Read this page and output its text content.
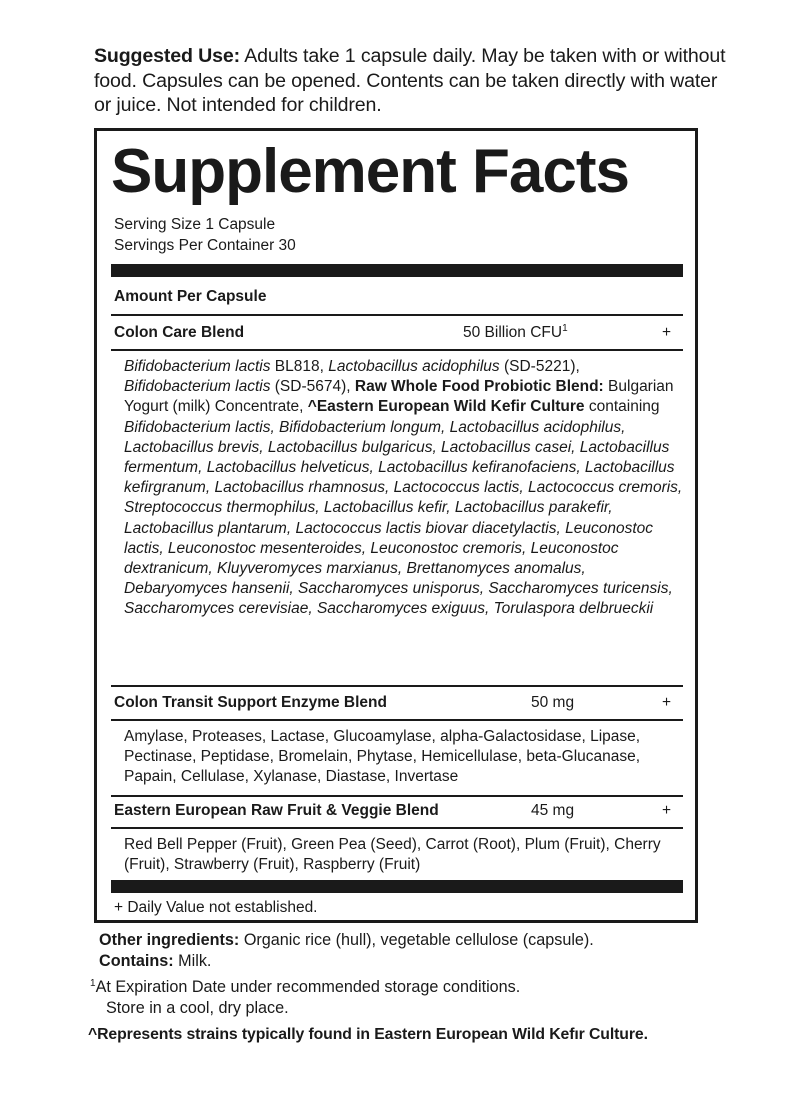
Suggested Use: Adults take 1 capsule daily. May be taken with or without food. Capsules can be opened. Contents can be taken directly with water or juice. Not intended for children.
Supplement Facts
Serving Size 1 Capsule
Servings Per Container 30
Amount Per Capsule
Colon Care Blend	50 Billion $CFU^1$	+
Bifidobacterium lactis BL818, Lactobacillus acidophilus (SD-5221), Bifidobacterium lactis (SD-5674), Raw Whole Food Probiotic Blend: Bulgarian Yogurt (milk) Concentrate, ^Eastern European Wild Kefir Culture containing Bifidobacterium lactis, Bifidobacterium longum, Lactobacillus acidophilus, Lactobacillus brevis, Lactobacillus bulgaricus, Lactobacillus casei, Lactobacillus fermentum, Lactobacillus helveticus, Lactobacillus kefiranofaciens, Lactobacillus kefirgranum, Lactobacillus rhamnosus, Lactococcus lactis, Lactococcus cremoris, Streptococcus thermophilus, Lactobacillus kefir, Lactobacillus parakefir, Lactobacillus plantarum, Lactococcus lactis biovar diacetylactis, Leuconostoc lactis, Leuconostoc mesenteroides, Leuconostoc cremoris, Leuconostoc dextranicum, Kluyveromyces marxianus, Brettanomyces anomalus, Debaryomyces hansenii, Saccharomyces unisporus, Saccharomyces turicensis, Saccharomyces cerevisiae, Saccharomyces exiguus, Torulaspora delbrueckii
Colon Transit Support Enzyme Blend	50 mg	+
Amylase, Proteases, Lactase, Glucoamylase, alpha-Galactosidase, Lipase, Pectinase, Peptidase, Bromelain, Phytase, Hemicellulase, beta-Glucanase, Papain, Cellulase, Xylanase, Diastase, Invertase
Eastern European Raw Fruit & Veggie Blend	45 mg	+
Red Bell Pepper (Fruit), Green Pea (Seed), Carrot (Root), Plum (Fruit), Cherry (Fruit), Strawberry (Fruit), Raspberry (Fruit)
+ Daily Value not established.
Other ingredients: Organic rice (hull), vegetable cellulose (capsule).
Contains: Milk.
$^1$At Expiration Date under recommended storage conditions.
Store in a cool, dry place.
^Represents strains typically found in Eastern European Wild Kefır Culture.
